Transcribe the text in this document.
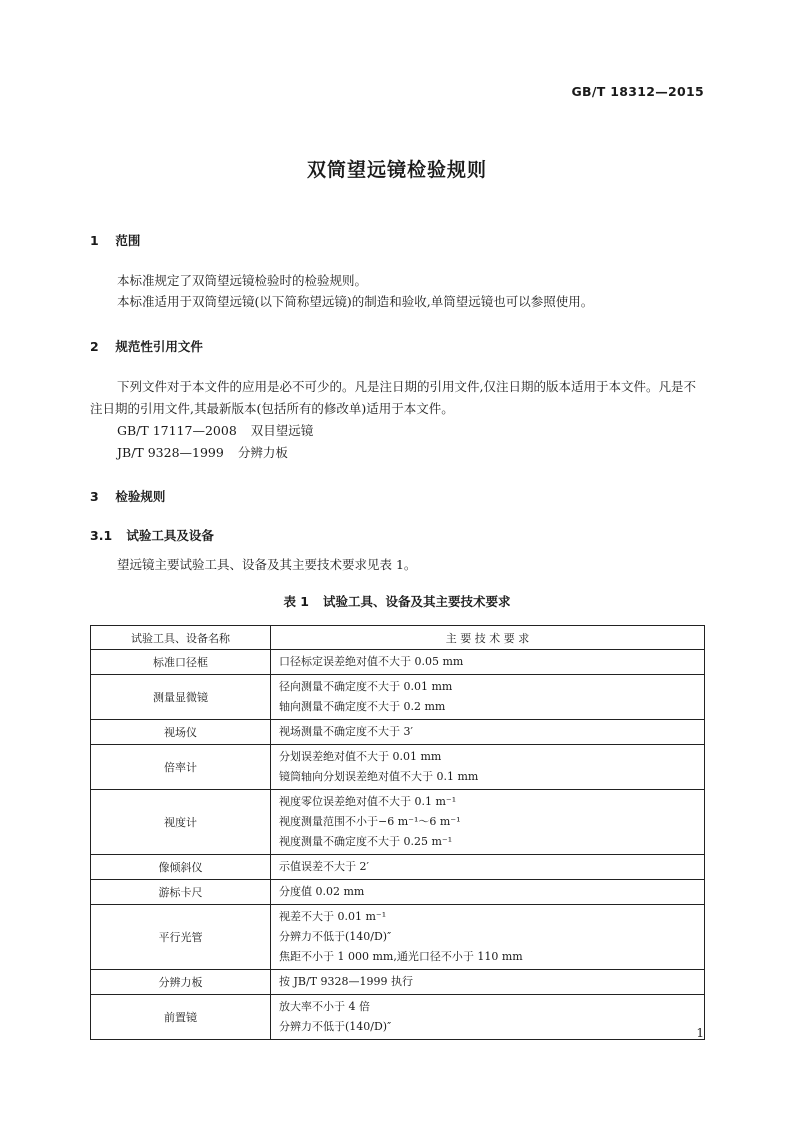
GB/T 18312—2015
双筒望远镜检验规则
1 范围
本标准规定了双筒望远镜检验时的检验规则。
本标准适用于双筒望远镜(以下简称望远镜)的制造和验收,单筒望远镜也可以参照使用。
2 规范性引用文件
下列文件对于本文件的应用是必不可少的。凡是注日期的引用文件,仅注日期的版本适用于本文件。凡是不注日期的引用文件,其最新版本(包括所有的修改单)适用于本文件。
GB/T 17117—2008 双目望远镜
JB/T 9328—1999 分辨力板
3 检验规则
3.1 试验工具及设备
望远镜主要试验工具、设备及其主要技术要求见表 1。
表 1 试验工具、设备及其主要技术要求
试验工具、设备名称	主 要 技 术 要 求
标准口径框	口径标定误差绝对值不大于 0.05 mm

测量显微镜	径向测量不确定度不大于 0.01 mm
轴向测量不确定度不大于 0.2 mm

视场仪	视场测量不确定度不大于 3′

倍率计	分划误差绝对值不大于 0.01 mm
镜筒轴向分划误差绝对值不大于 0.1 mm

视度计	视度零位误差绝对值不大于 0.1 m⁻¹
视度测量范围不小于−6 m⁻¹～6 m⁻¹
视度测量不确定度不大于 0.25 m⁻¹

像倾斜仪	示值误差不大于 2′

游标卡尺	分度值 0.02 mm

平行光管	视差不大于 0.01 m⁻¹
分辨力不低于(140/D)″
焦距不小于 1 000 mm,通光口径不小于 110 mm

分辨力板	按 JB/T 9328—1999 执行

前置镜	放大率不小于 4 倍
分辨力不低于(140/D)″	1
